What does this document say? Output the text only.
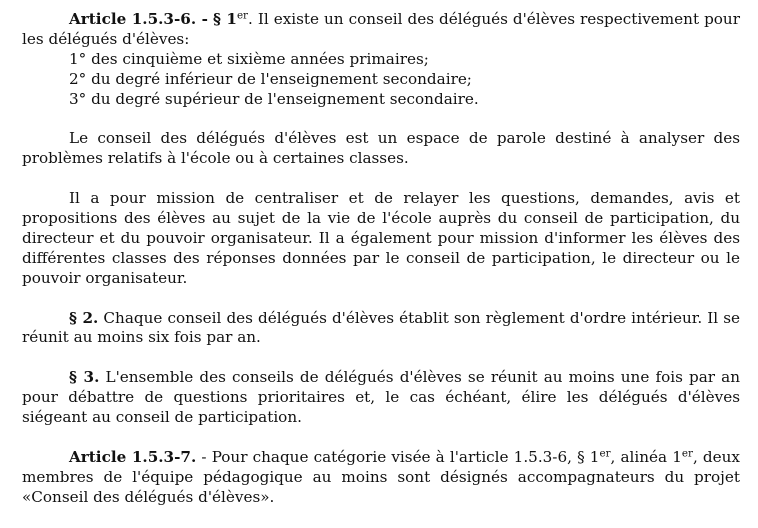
Article 1.5.3-6. - § 1er. Il existe un conseil des délégués d'élèves respectivement pour les délégués d'élèves:

1° des cinquième et sixième années primaires;

2° du degré inférieur de l'enseignement secondaire;

3° du degré supérieur de l'enseignement secondaire.

Le conseil des délégués d'élèves est un espace de parole destiné à analyser des problèmes relatifs à l'école ou à certaines classes.

Il a pour mission de centraliser et de relayer les questions, demandes, avis et propositions des élèves au sujet de la vie de l'école auprès du conseil de participation, du directeur et du pouvoir organisateur. Il a également pour mission d'informer les élèves des différentes classes des réponses données par le conseil de participation, le directeur ou le pouvoir organisateur.

§ 2. Chaque conseil des délégués d'élèves établit son règlement d'ordre intérieur. Il se réunit au moins six fois par an.

§ 3. L'ensemble des conseils de délégués d'élèves se réunit au moins une fois par an pour débattre de questions prioritaires et, le cas échéant, élire les délégués d'élèves siégeant au conseil de participation.

Article 1.5.3-7. - Pour chaque catégorie visée à l'article 1.5.3-6, § 1er, alinéa 1er, deux membres de l'équipe pédagogique au moins sont désignés accompagnateurs du projet «Conseil des délégués d'élèves».
